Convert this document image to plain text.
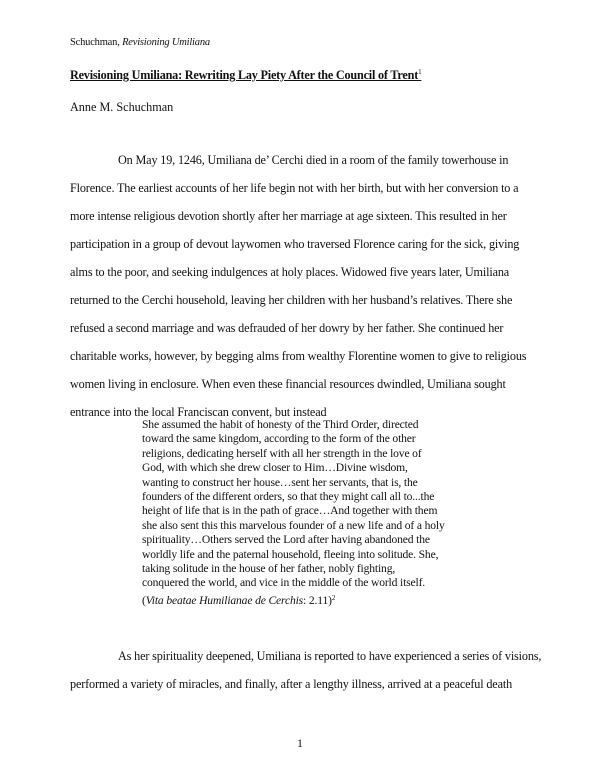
Schuchman, Revisioning Umiliana
Revisioning Umiliana: Rewriting Lay Piety After the Council of Trent$^1$
Anne M. Schuchman
On May 19, 1246, Umiliana de’ Cerchi died in a room of the family towerhouse in
Florence. The earliest accounts of her life begin not with her birth, but with her conversion to a
more intense religious devotion shortly after her marriage at age sixteen. This resulted in her
participation in a group of devout laywomen who traversed Florence caring for the sick, giving
alms to the poor, and seeking indulgences at holy places. Widowed five years later, Umiliana
returned to the Cerchi household, leaving her children with her husband’s relatives. There she
refused a second marriage and was defrauded of her dowry by her father. She continued her
charitable works, however, by begging alms from wealthy Florentine women to give to religious
women living in enclosure. When even these financial resources dwindled, Umiliana sought
entrance into the local Franciscan convent, but instead
She assumed the habit of honesty of the Third Order, directed
toward the same kingdom, according to the form of the other
religions, dedicating herself with all her strength in the love of
God, with which she drew closer to Him…Divine wisdom,
wanting to construct her house…sent her servants, that is, the
founders of the different orders, so that they might call all to...the
height of life that is in the path of grace…And together with them
she also sent this this marvelous founder of a new life and of a holy
spirituality…Others served the Lord after having abandoned the
worldly life and the paternal household, fleeing into solitude. She,
taking solitude in the house of her father, nobly fighting,
conquered the world, and vice in the middle of the world itself.
(Vita beatae Humilianae de Cerchis: 2.11)$^2$
As her spirituality deepened, Umiliana is reported to have experienced a series of visions,
performed a variety of miracles, and finally, after a lengthy illness, arrived at a peaceful death
1
